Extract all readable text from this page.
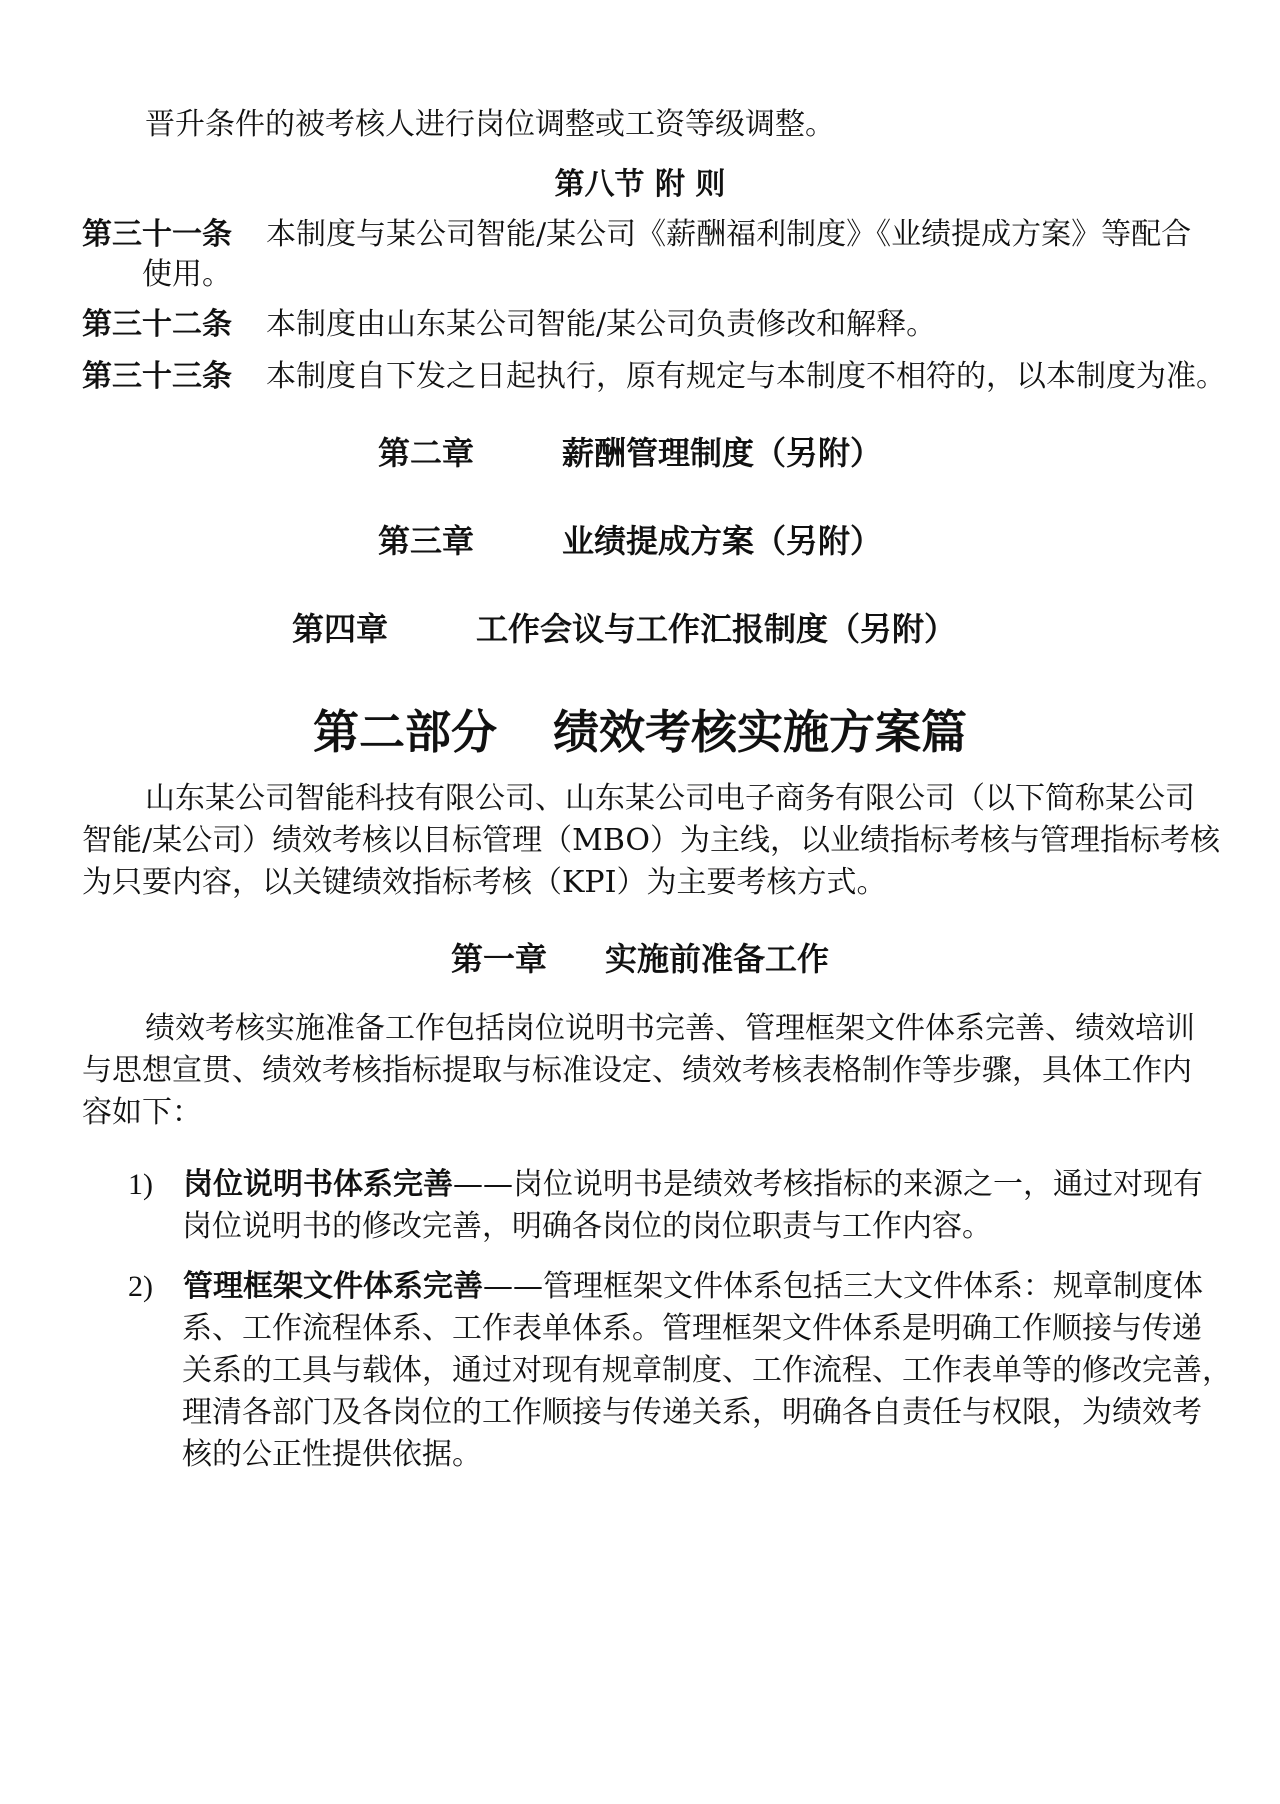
晋升条件的被考核人进行岗位调整或工资等级调整。
第八节 附 则
第三十一条 本制度与某公司智能/某公司《薪酬福利制度》《业绩提成方案》等配合
使用。
第三十二条 本制度由山东某公司智能/某公司负责修改和解释。
第三十三条 本制度自下发之日起执行，原有规定与本制度不相符的，以本制度为准。
第二章	薪酬管理制度（另附）
第三章	业绩提成方案（另附）
第四章	工作会议与工作汇报制度（另附）
第二部分 绩效考核实施方案篇
山东某公司智能科技有限公司、山东某公司电子商务有限公司（以下简称某公司
智能/某公司）绩效考核以目标管理（MBO）为主线，以业绩指标考核与管理指标考核
为只要内容，以关键绩效指标考核（KPI）为主要考核方式。
第一章 实施前准备工作
绩效考核实施准备工作包括岗位说明书完善、管理框架文件体系完善、绩效培训
与思想宣贯、绩效考核指标提取与标准设定、绩效考核表格制作等步骤，具体工作内
容如下：
1) 岗位说明书体系完善——岗位说明书是绩效考核指标的来源之一，通过对现有
岗位说明书的修改完善，明确各岗位的岗位职责与工作内容。
2) 管理框架文件体系完善——管理框架文件体系包括三大文件体系：规章制度体
系、工作流程体系、工作表单体系。管理框架文件体系是明确工作顺接与传递
关系的工具与载体，通过对现有规章制度、工作流程、工作表单等的修改完善，
理清各部门及各岗位的工作顺接与传递关系，明确各自责任与权限，为绩效考
核的公正性提供依据。
